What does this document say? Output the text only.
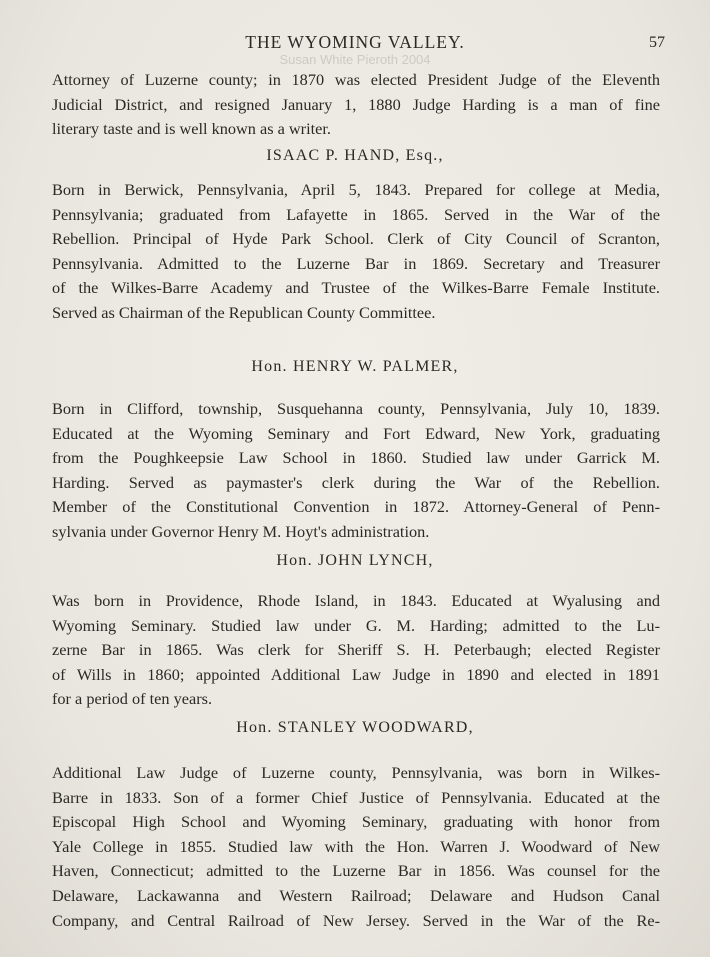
THE WYOMING VALLEY.	57
Susan White Pieroth 2004
Attorney of Luzerne county; in 1870 was elected President Judge of the Eleventh
Judicial District, and resigned January 1, 1880 Judge Harding is a man of fine
literary taste and is well known as a writer.
ISAAC P. HAND, Esq.,
Born in Berwick, Pennsylvania, April 5, 1843. Prepared for college at Media,
Pennsylvania; graduated from Lafayette in 1865. Served in the War of the
Rebellion. Principal of Hyde Park School. Clerk of City Council of Scranton,
Pennsylvania. Admitted to the Luzerne Bar in 1869. Secretary and Treasurer
of the Wilkes-Barre Academy and Trustee of the Wilkes-Barre Female Institute.
Served as Chairman of the Republican County Committee.
Hon. HENRY W. PALMER,
Born in Clifford, township, Susquehanna county, Pennsylvania, July 10, 1839.
Educated at the Wyoming Seminary and Fort Edward, New York, graduating
from the Poughkeepsie Law School in 1860. Studied law under Garrick M.
Harding. Served as paymaster's clerk during the War of the Rebellion.
Member of the Constitutional Convention in 1872. Attorney-General of Penn-
sylvania under Governor Henry M. Hoyt's administration.
Hon. JOHN LYNCH,
Was born in Providence, Rhode Island, in 1843. Educated at Wyalusing and
Wyoming Seminary. Studied law under G. M. Harding; admitted to the Lu-
zerne Bar in 1865. Was clerk for Sheriff S. H. Peterbaugh; elected Register
of Wills in 1860; appointed Additional Law Judge in 1890 and elected in 1891
for a period of ten years.
Hon. STANLEY WOODWARD,
Additional Law Judge of Luzerne county, Pennsylvania, was born in Wilkes-
Barre in 1833. Son of a former Chief Justice of Pennsylvania. Educated at the
Episcopal High School and Wyoming Seminary, graduating with honor from
Yale College in 1855. Studied law with the Hon. Warren J. Woodward of New
Haven, Connecticut; admitted to the Luzerne Bar in 1856. Was counsel for the
Delaware, Lackawanna and Western Railroad; Delaware and Hudson Canal
Company, and Central Railroad of New Jersey. Served in the War of the Re-
